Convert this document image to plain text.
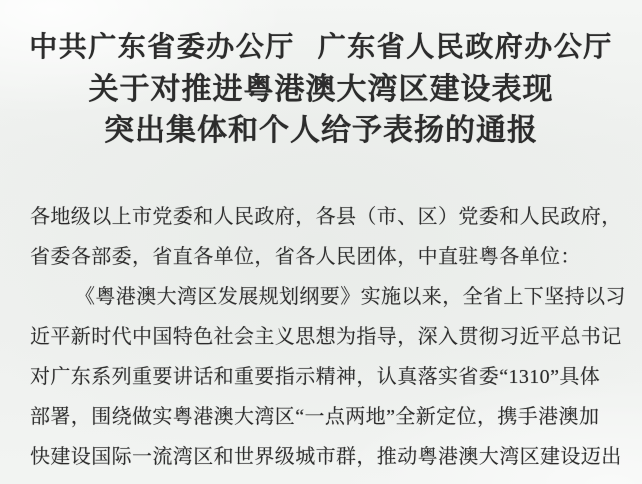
中共广东省委办公厅 广东省人民政府办公厅
关于对推进粤港澳大湾区建设表现
突出集体和个人给予表扬的通报
各地级以上市党委和人民政府，各县（市、区）党委和人民政府，
省委各部委，省直各单位，省各人民团体，中直驻粤各单位：
《粤港澳大湾区发展规划纲要》实施以来，全省上下坚持以习
近平新时代中国特色社会主义思想为指导，深入贯彻习近平总书记
对广东系列重要讲话和重要指示精神，认真落实省委“1310”具体
部署，围绕做实粤港澳大湾区“一点两地”全新定位，携手港澳加
快建设国际一流湾区和世界级城市群，推动粤港澳大湾区建设迈出
